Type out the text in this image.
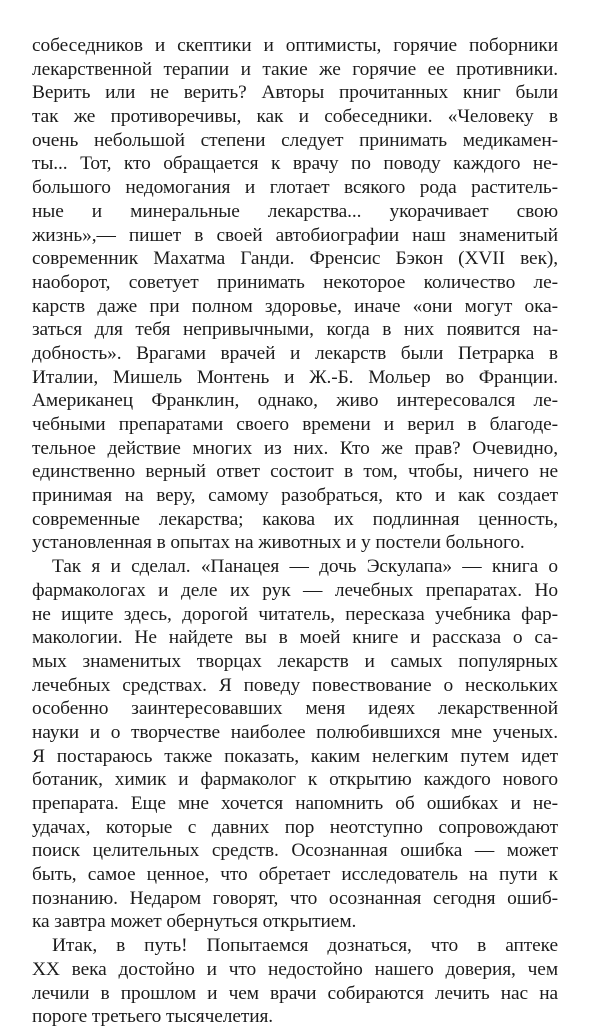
собеседников и скептики и оптимисты, горячие поборники
лекарственной терапии и такие же горячие ее противники.
Верить или не верить? Авторы прочитанных книг были
так же противоречивы, как и собеседники. «Человеку в
очень небольшой степени следует принимать медикамен-
ты... Тот, кто обращается к врачу по поводу каждого не-
большого недомогания и глотает всякого рода раститель-
ные и минеральные лекарства... укорачивает свою
жизнь»,— пишет в своей автобиографии наш знаменитый
современник Махатма Ганди. Френсис Бэкон (XVII век),
наоборот, советует принимать некоторое количество ле-
карств даже при полном здоровье, иначе «они могут ока-
заться для тебя непривычными, когда в них появится на-
добность». Врагами врачей и лекарств были Петрарка в
Италии, Мишель Монтень и Ж.-Б. Мольер во Франции.
Американец Франклин, однако, живо интересовался ле-
чебными препаратами своего времени и верил в благоде-
тельное действие многих из них. Кто же прав? Очевидно,
единственно верный ответ состоит в том, чтобы, ничего не
принимая на веру, самому разобраться, кто и как создает
современные лекарства; какова их подлинная ценность,
установленная в опытах на животных и у постели больного.
Так я и сделал. «Панацея — дочь Эскулапа» — книга о
фармакологах и деле их рук — лечебных препаратах. Но
не ищите здесь, дорогой читатель, пересказа учебника фар-
макологии. Не найдете вы в моей книге и рассказа о са-
мых знаменитых творцах лекарств и самых популярных
лечебных средствах. Я поведу повествование о нескольких
особенно заинтересовавших меня идеях лекарственной
науки и о творчестве наиболее полюбившихся мне ученых.
Я постараюсь также показать, каким нелегким путем идет
ботаник, химик и фармаколог к открытию каждого нового
препарата. Еще мне хочется напомнить об ошибках и не-
удачах, которые с давних пор неотступно сопровождают
поиск целительных средств. Осознанная ошибка — может
быть, самое ценное, что обретает исследователь на пути к
познанию. Недаром говорят, что осознанная сегодня ошиб-
ка завтра может обернуться открытием.
Итак, в путь! Попытаемся дознаться, что в аптеке
XX века достойно и что недостойно нашего доверия, чем
лечили в прошлом и чем врачи собираются лечить нас на
пороге третьего тысячелетия.
